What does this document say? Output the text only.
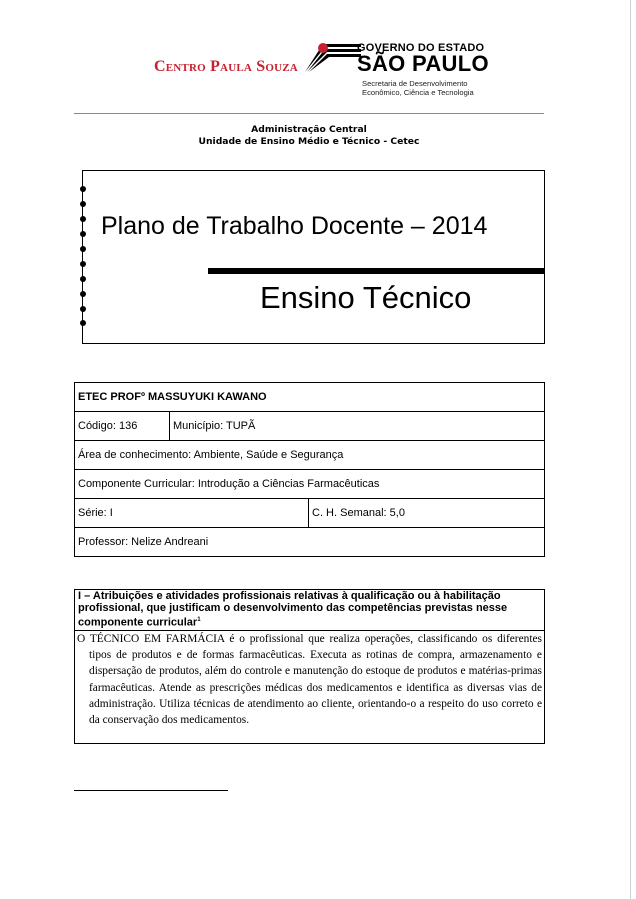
Centro Paula Souza
GOVERNO DO ESTADO
SÃO PAULO
Secretaria de Desenvolvimento
Econômico, Ciência e Tecnologia
Administração Central
Unidade de Ensino Médio e Técnico - Cetec
Plano de Trabalho Docente – 2014
Ensino Técnico
ETEC PROFº MASSUYUKI KAWANO		
Código: 136	Município: TUPÃ	
Área de conhecimento: Ambiente, Saúde e Segurança		
Componente Curricular: Introdução a Ciências Farmacêuticas		
Série: I		C. H. Semanal: 5,0
Professor: Nelize Andreani		
I – Atribuições e atividades profissionais relativas à qualificação ou à habilitação profissional, que justificam o desenvolvimento das competências previstas nesse componente curricular$^1$
O TÉCNICO EM FARMÁCIA é o profissional que realiza operações, classificando os diferentes tipos de produtos e de formas farmacêuticas. Executa as rotinas de compra, armazenamento e dispersação de produtos, além do controle e manutenção do estoque de produtos e matérias-primas farmacêuticas. Atende as prescrições médicas dos medicamentos e identifica as diversas vias de administração. Utiliza técnicas de atendimento ao cliente, orientando-o a respeito do uso correto e da conservação dos medicamentos.
